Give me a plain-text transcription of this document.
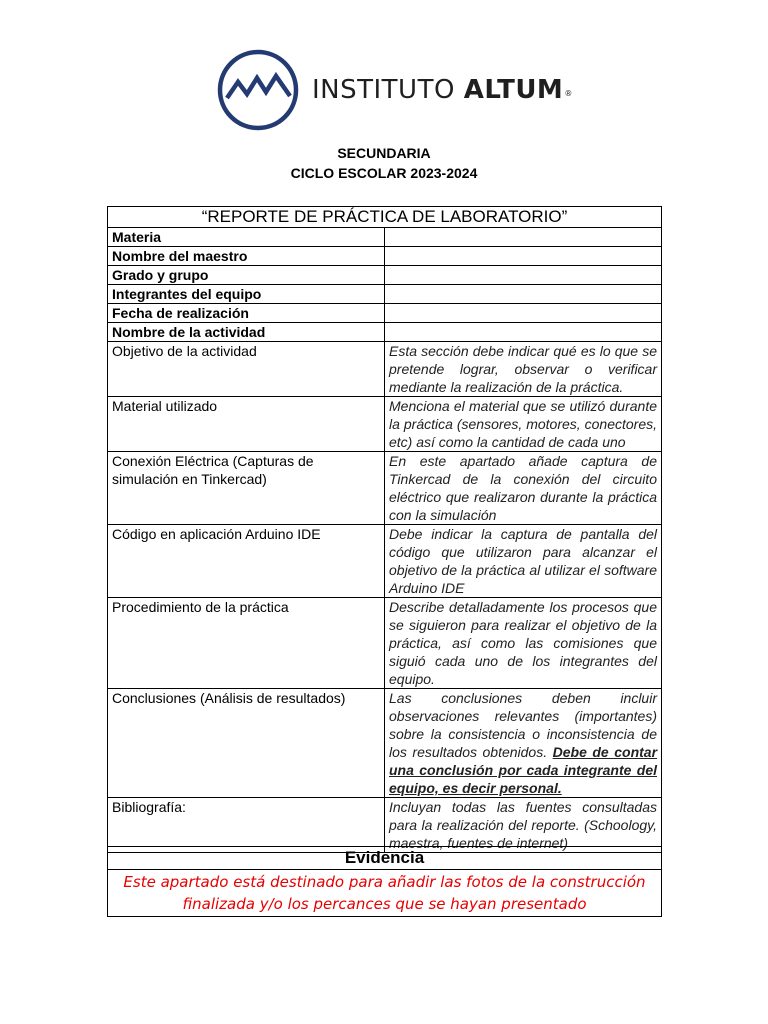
INSTITUTO ALTUM®
SECUNDARIA
CICLO ESCOLAR 2023-2024
“REPORTE DE PRÁCTICA DE LABORATORIO”	
Materia	
Nombre del maestro	
Grado y grupo	
Integrantes del equipo	
Fecha de realización	
Nombre de la actividad	
Objetivo de la actividad	Esta sección debe indicar qué es lo que se pretende lograr, observar o verificar mediante la realización de la práctica.
Material utilizado	Menciona el material que se utilizó durante la práctica (sensores, motores, conectores, etc) así como la cantidad de cada uno
Conexión Eléctrica (Capturas de simulación en Tinkercad)	En este apartado añade captura de Tinkercad de la conexión del circuito eléctrico que realizaron durante la práctica con la simulación
Código en aplicación Arduino IDE	Debe indicar la captura de pantalla del código que utilizaron para alcanzar el objetivo de la práctica al utilizar el software Arduino IDE
Procedimiento de la práctica	Describe detalladamente los procesos que se siguieron para realizar el objetivo de la práctica, así como las comisiones que siguió cada uno de los integrantes del equipo.
Conclusiones (Análisis de resultados)	Las conclusiones deben incluir observaciones relevantes (importantes) sobre la consistencia o inconsistencia de los resultados obtenidos. Debe de contar una conclusión por cada integrante del equipo, es decir personal.
Bibliografía:	Incluyan todas las fuentes consultadas para la realización del reporte. (Schoology, maestra, fuentes de internet)
Evidencia
Este apartado está destinado para añadir las fotos de la construcción finalizada y/o los percances que se hayan presentado
